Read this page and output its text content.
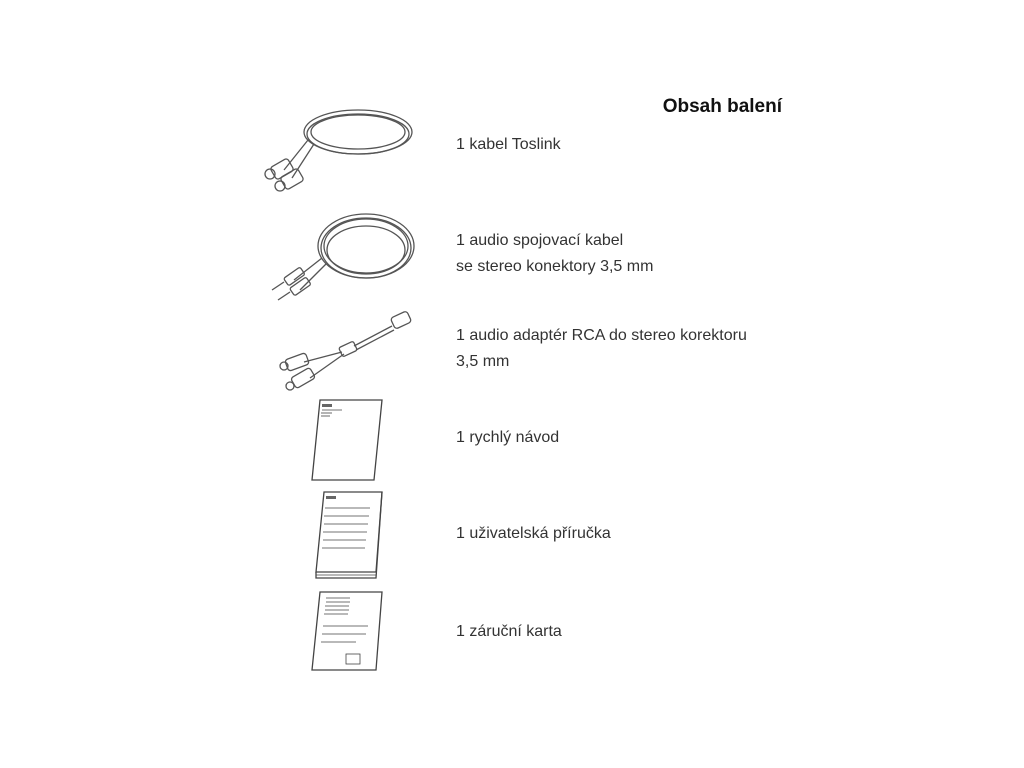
Obsah balení
1 kabel Toslink
1 audio spojovací kabel
se stereo konektory 3,5 mm
1 audio adaptér RCA do stereo korektoru
3,5 mm
1 rychlý návod
1 uživatelská příručka
1 záruční karta
